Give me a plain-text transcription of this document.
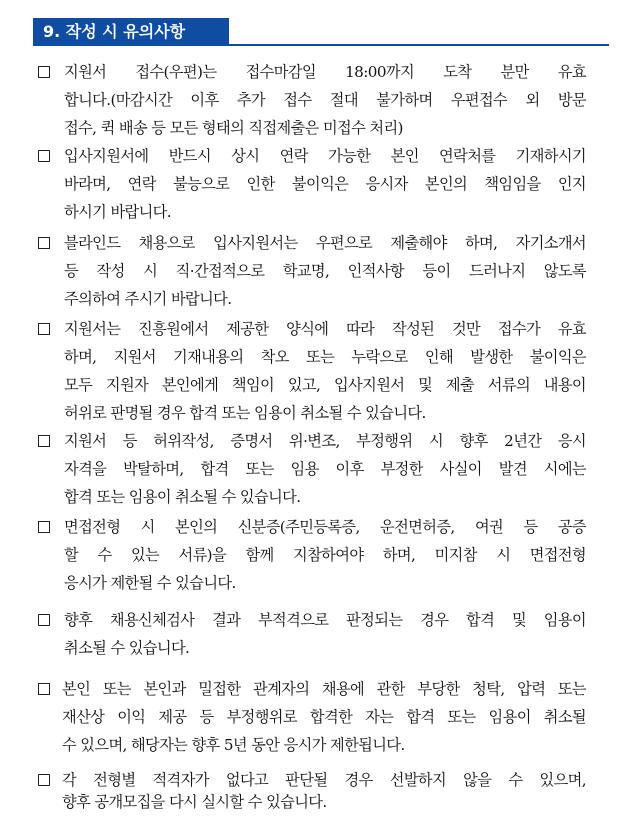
9. 작성 시 유의사항
지원서 접수(우편)는 접수마감일 18:00까지 도착 분만 유효
합니다.(마감시간 이후 추가 접수 절대 불가하며 우편접수 외 방문
접수, 퀵 배송 등 모든 형태의 직접제출은 미접수 처리)
입사지원서에 반드시 상시 연락 가능한 본인 연락처를 기재하시기
바라며, 연락 불능으로 인한 불이익은 응시자 본인의 책임임을 인지
하시기 바랍니다.
블라인드 채용으로 입사지원서는 우편으로 제출해야 하며, 자기소개서
등 작성 시 직·간접적으로 학교명, 인적사항 등이 드러나지 않도록
주의하여 주시기 바랍니다.
지원서는 진흥원에서 제공한 양식에 따라 작성된 것만 접수가 유효
하며, 지원서 기재내용의 착오 또는 누락으로 인해 발생한 불이익은
모두 지원자 본인에게 책임이 있고, 입사지원서 및 제출 서류의 내용이
허위로 판명될 경우 합격 또는 임용이 취소될 수 있습니다.
지원서 등 허위작성, 증명서 위·변조, 부정행위 시 향후 2년간 응시
자격을 박탈하며, 합격 또는 임용 이후 부정한 사실이 발견 시에는
합격 또는 임용이 취소될 수 있습니다.
면접전형 시 본인의 신분증(주민등록증, 운전면허증, 여권 등 공증
할 수 있는 서류)을 함께 지참하여야 하며, 미지참 시 면접전형
응시가 제한될 수 있습니다.
향후 채용신체검사 결과 부적격으로 판정되는 경우 합격 및 임용이
취소될 수 있습니다.
본인 또는 본인과 밀접한 관계자의 채용에 관한 부당한 청탁, 압력 또는
재산상 이익 제공 등 부정행위로 합격한 자는 합격 또는 임용이 취소될
수 있으며, 해당자는 향후 5년 동안 응시가 제한됩니다.
각 전형별 적격자가 없다고 판단될 경우 선발하지 않을 수 있으며,
향후 공개모집을 다시 실시할 수 있습니다.
